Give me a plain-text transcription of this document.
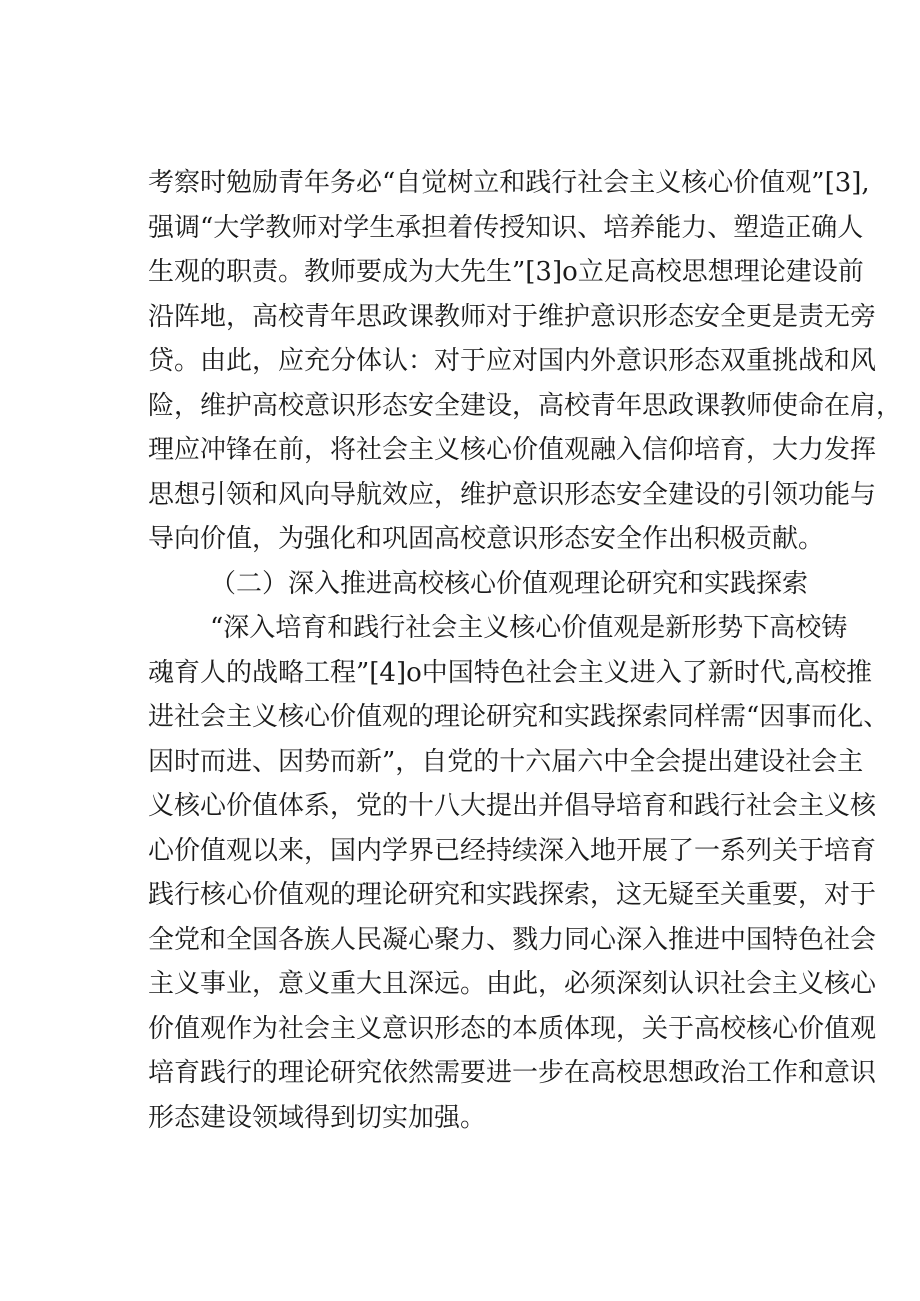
考察时勉励青年务必“自觉树立和践行社会主义核心价值观”[3],
强调“大学教师对学生承担着传授知识、培养能力、塑造正确人
生观的职责。教师要成为大先生”[3]o立足高校思想理论建设前
沿阵地，高校青年思政课教师对于维护意识形态安全更是责无旁
贷。由此，应充分体认：对于应对国内外意识形态双重挑战和风
险，维护高校意识形态安全建设，高校青年思政课教师使命在肩，
理应冲锋在前，将社会主义核心价值观融入信仰培育，大力发挥
思想引领和风向导航效应，维护意识形态安全建设的引领功能与
导向价值，为强化和巩固高校意识形态安全作出积极贡献。
（二）深入推进高校核心价值观理论研究和实践探索
“深入培育和践行社会主义核心价值观是新形势下高校铸
魂育人的战略工程”[4]o中国特色社会主义进入了新时代,高校推
进社会主义核心价值观的理论研究和实践探索同样需“因事而化、
因时而进、因势而新”，自党的十六届六中全会提出建设社会主
义核心价值体系，党的十八大提出并倡导培育和践行社会主义核
心价值观以来，国内学界已经持续深入地开展了一系列关于培育
践行核心价值观的理论研究和实践探索，这无疑至关重要，对于
全党和全国各族人民凝心聚力、戮力同心深入推进中国特色社会
主义事业，意义重大且深远。由此，必须深刻认识社会主义核心
价值观作为社会主义意识形态的本质体现，关于高校核心价值观
培育践行的理论研究依然需要进一步在高校思想政治工作和意识
形态建设领域得到切实加强。
